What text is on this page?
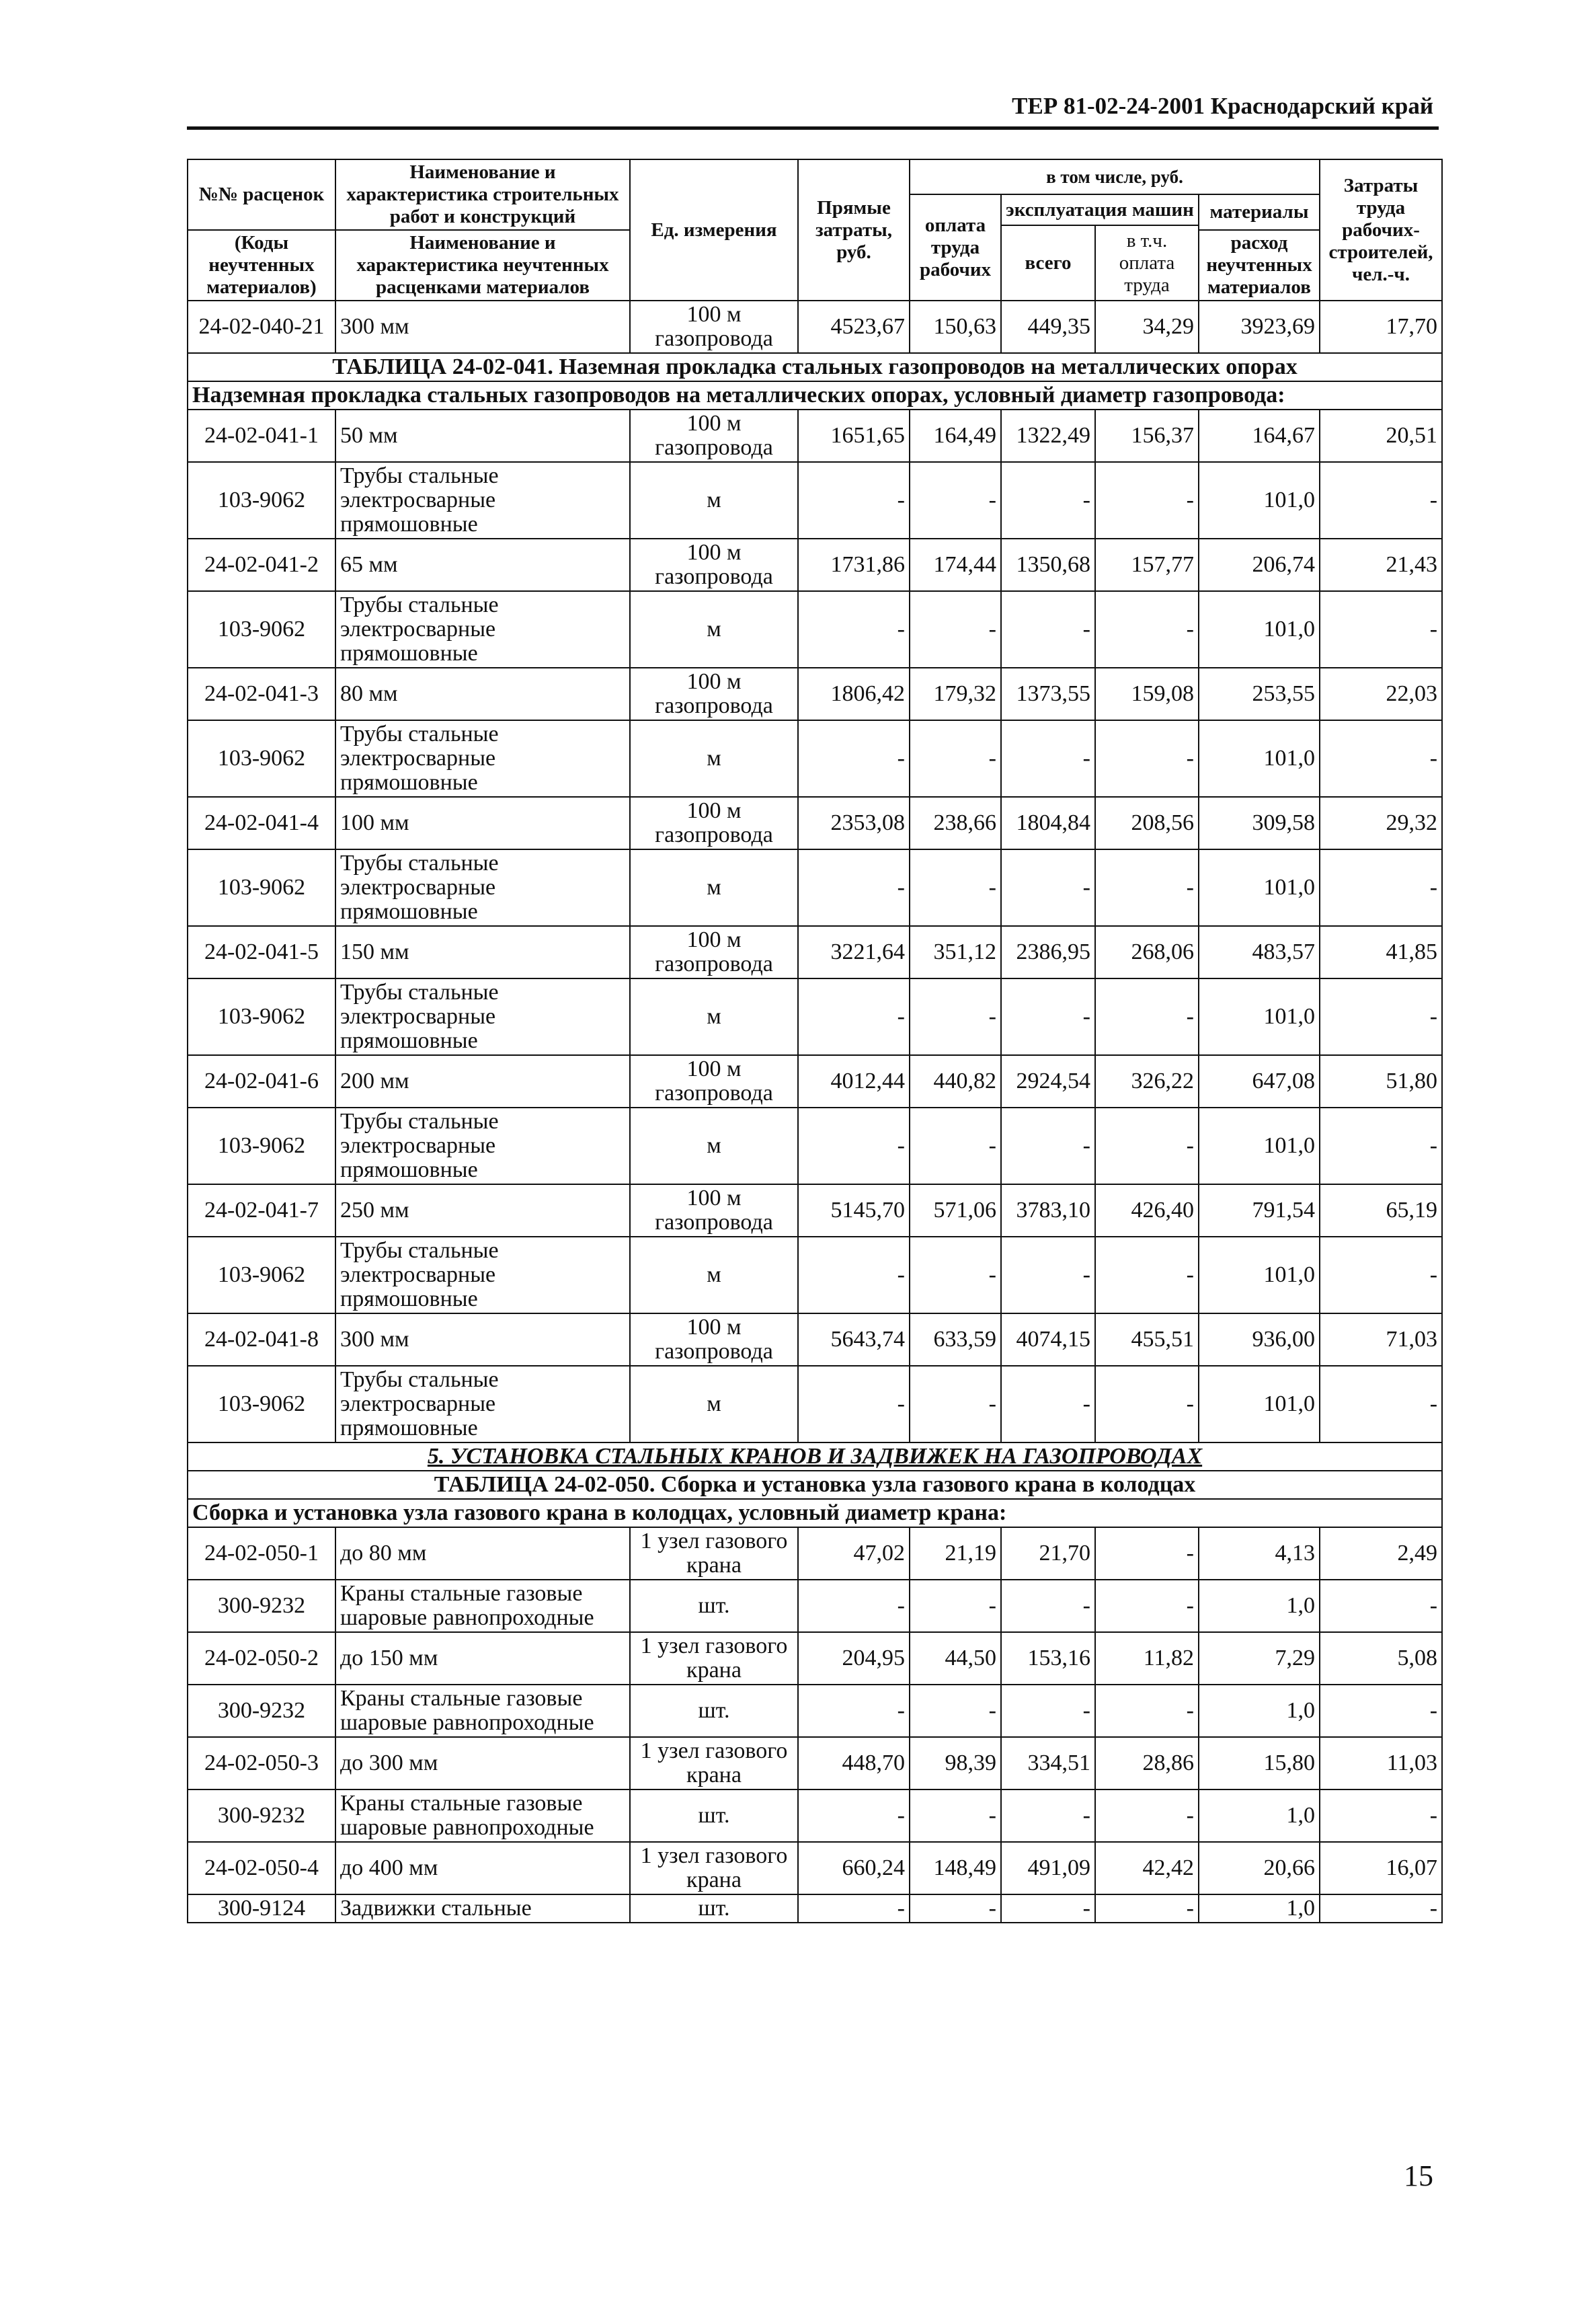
ТЕР 81-02-24-2001 Краснодарский край
№№ расценок	Наименование и характеристика строительных работ и конструкций	Ед. измерения	Прямые затраты, руб.	в том числе, руб.				Затраты труда рабочих-строителей, чел.-ч.
				оплата труда рабочих	эксплуатация машин		материалы	
					всего	в т.ч. оплата труда		
(Коды неучтенных материалов)	Наименование и характеристика неучтенных расценками материалов						расход неучтенных материалов	

24-02-040-21	300 мм	100 м газопровода	4523,67	150,63	449,35	34,29	3923,69	17,70
ТАБЛИЦА 24-02-041. Наземная прокладка стальных газопроводов на металлических опорах								
Надземная прокладка стальных газопроводов на металлических опорах, условный диаметр газопровода:								
24-02-041-1	50 мм	100 м газопровода	1651,65	164,49	1322,49	156,37	164,67	20,51
103-9062	Трубы стальные электросварные прямошовные	м	-	-	-	-	101,0	-
24-02-041-2	65 мм	100 м газопровода	1731,86	174,44	1350,68	157,77	206,74	21,43
103-9062	Трубы стальные электросварные прямошовные	м	-	-	-	-	101,0	-
24-02-041-3	80 мм	100 м газопровода	1806,42	179,32	1373,55	159,08	253,55	22,03
103-9062	Трубы стальные электросварные прямошовные	м	-	-	-	-	101,0	-
24-02-041-4	100 мм	100 м газопровода	2353,08	238,66	1804,84	208,56	309,58	29,32
103-9062	Трубы стальные электросварные прямошовные	м	-	-	-	-	101,0	-
24-02-041-5	150 мм	100 м газопровода	3221,64	351,12	2386,95	268,06	483,57	41,85
103-9062	Трубы стальные электросварные прямошовные	м	-	-	-	-	101,0	-
24-02-041-6	200 мм	100 м газопровода	4012,44	440,82	2924,54	326,22	647,08	51,80
103-9062	Трубы стальные электросварные прямошовные	м	-	-	-	-	101,0	-
24-02-041-7	250 мм	100 м газопровода	5145,70	571,06	3783,10	426,40	791,54	65,19
103-9062	Трубы стальные электросварные прямошовные	м	-	-	-	-	101,0	-
24-02-041-8	300 мм	100 м газопровода	5643,74	633,59	4074,15	455,51	936,00	71,03
103-9062	Трубы стальные электросварные прямошовные	м	-	-	-	-	101,0	-
5. УСТАНОВКА СТАЛЬНЫХ КРАНОВ И ЗАДВИЖЕК НА ГАЗОПРОВОДАХ								
ТАБЛИЦА 24-02-050. Сборка и установка узла газового крана в колодцах								
Сборка и установка узла газового крана в колодцах, условный диаметр крана:								
24-02-050-1	до 80 мм	1 узел газового крана	47,02	21,19	21,70	-	4,13	2,49
300-9232	Краны стальные газовые шаровые равнопроходные	шт.	-	-	-	-	1,0	-
24-02-050-2	до 150 мм	1 узел газового крана	204,95	44,50	153,16	11,82	7,29	5,08
300-9232	Краны стальные газовые шаровые равнопроходные	шт.	-	-	-	-	1,0	-
24-02-050-3	до 300 мм	1 узел газового крана	448,70	98,39	334,51	28,86	15,80	11,03
300-9232	Краны стальные газовые шаровые равнопроходные	шт.	-	-	-	-	1,0	-
24-02-050-4	до 400 мм	1 узел газового крана	660,24	148,49	491,09	42,42	20,66	16,07
300-9124	Задвижки стальные	шт.	-	-	-	-	1,0	-
15
